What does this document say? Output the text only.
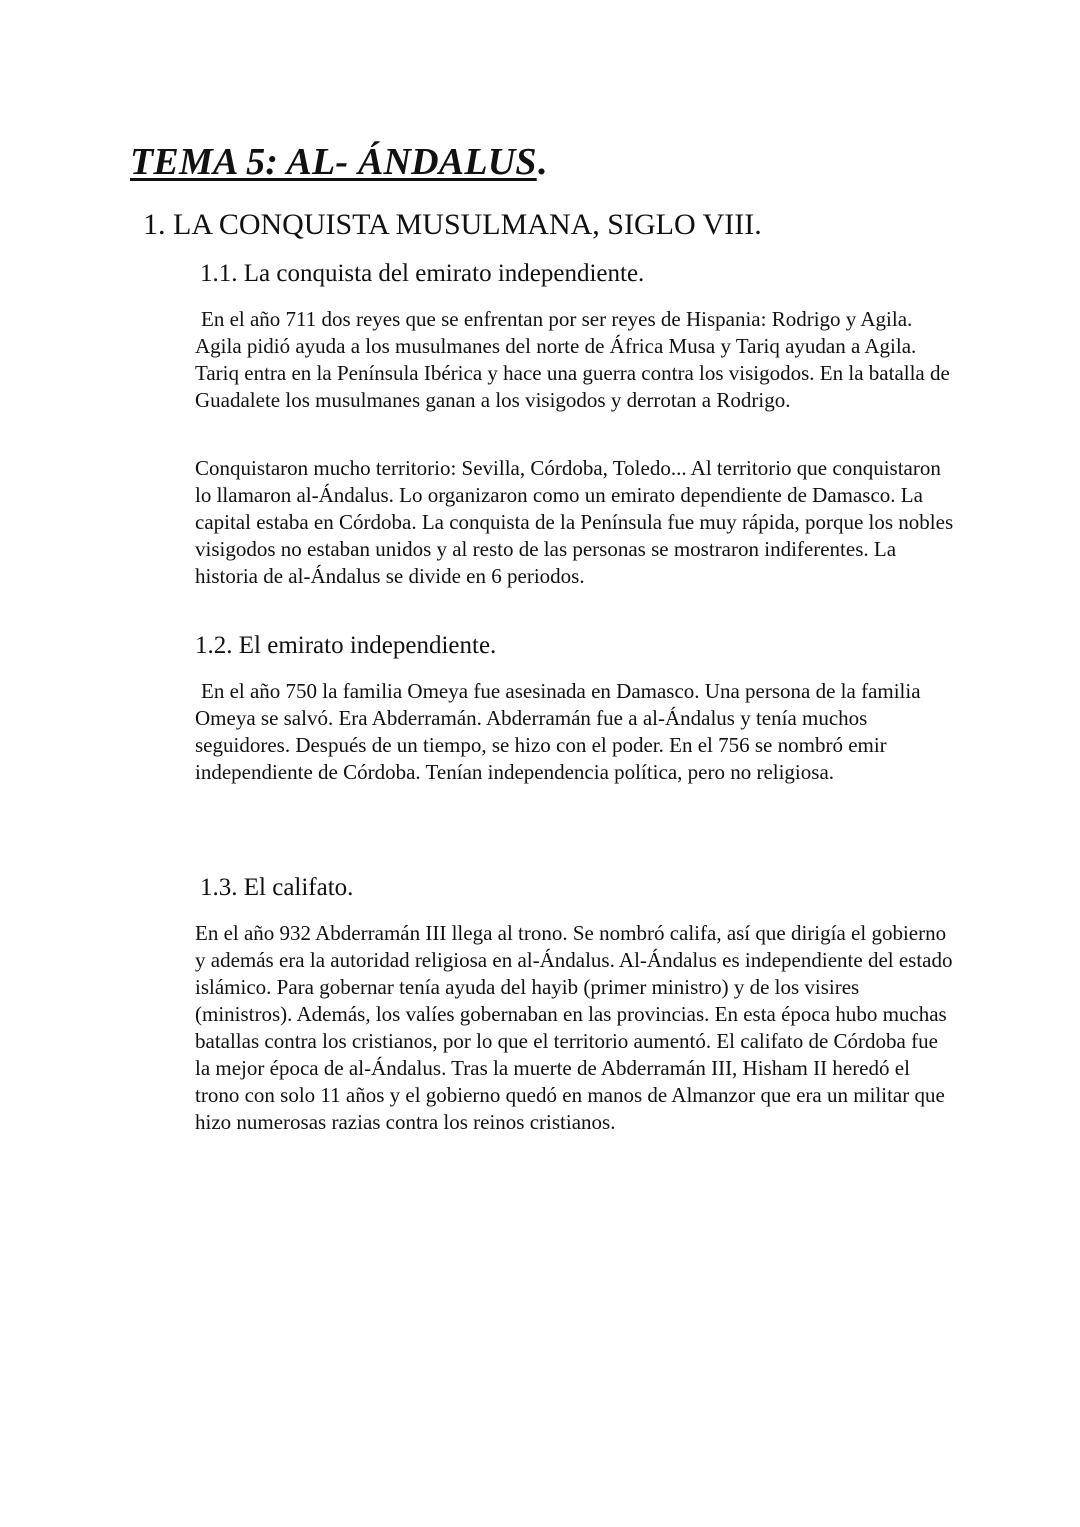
TEMA 5: AL- ÁNDALUS.
1. LA CONQUISTA MUSULMANA, SIGLO VIII.
1.1. La conquista del emirato independiente.

En el año 711 dos reyes que se enfrentan por ser reyes de Hispania: Rodrigo y Agila. Agila pidió ayuda a los musulmanes del norte de África Musa y Tariq ayudan a Agila. Tariq entra en la Península Ibérica y hace una guerra contra los visigodos. En la batalla de Guadalete los musulmanes ganan a los visigodos y derrotan a Rodrigo.

Conquistaron mucho territorio: Sevilla, Córdoba, Toledo... Al territorio que conquistaron lo llamaron al-Ándalus. Lo organizaron como un emirato dependiente de Damasco. La capital estaba en Córdoba. La conquista de la Península fue muy rápida, porque los nobles visigodos no estaban unidos y al resto de las personas se mostraron indiferentes. La historia de al-Ándalus se divide en 6 periodos.

1.2. El emirato independiente.

En el año 750 la familia Omeya fue asesinada en Damasco. Una persona de la familia Omeya se salvó. Era Abderramán. Abderramán fue a al-Ándalus y tenía muchos seguidores. Después de un tiempo, se hizo con el poder. En el 756 se nombró emir independiente de Córdoba. Tenían independencia política, pero no religiosa.

1.3. El califato.

En el año 932 Abderramán III llega al trono. Se nombró califa, así que dirigía el gobierno y además era la autoridad religiosa en al-Ándalus. Al-Ándalus es independiente del estado islámico. Para gobernar tenía ayuda del hayib (primer ministro) y de los visires (ministros). Además, los valíes gobernaban en las provincias. En esta época hubo muchas batallas contra los cristianos, por lo que el territorio aumentó. El califato de Córdoba fue la mejor época de al-Ándalus. Tras la muerte de Abderramán III, Hisham II heredó el trono con solo 11 años y el gobierno quedó en manos de Almanzor que era un militar que hizo numerosas razias contra los reinos cristianos.
